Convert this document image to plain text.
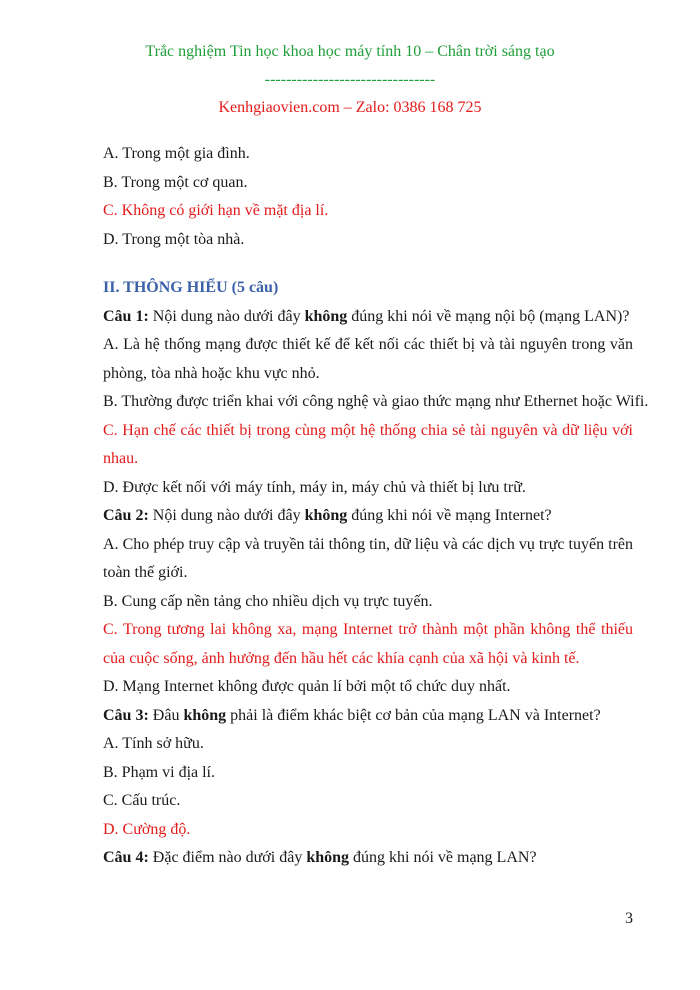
Trắc nghiệm Tin học khoa học máy tính 10 – Chân trời sáng tạo
--------------------------------
Kenhgiaovien.com – Zalo: 0386 168 725
A. Trong một gia đình.
B. Trong một cơ quan.
C. Không có giới hạn về mặt địa lí.
D. Trong một tòa nhà.
II. THÔNG HIỂU (5 câu)
Câu 1: Nội dung nào dưới đây không đúng khi nói về mạng nội bộ (mạng LAN)?
A. Là hệ thống mạng được thiết kế để kết nối các thiết bị và tài nguyên trong văn phòng, tòa nhà hoặc khu vực nhỏ.
B. Thường được triển khai với công nghệ và giao thức mạng như Ethernet hoặc Wifi.
C. Hạn chế các thiết bị trong cùng một hệ thống chia sẻ tài nguyên và dữ liệu với nhau.
D. Được kết nối với máy tính, máy in, máy chủ và thiết bị lưu trữ.
Câu 2: Nội dung nào dưới đây không đúng khi nói về mạng Internet?
A. Cho phép truy cập và truyền tải thông tin, dữ liệu và các dịch vụ trực tuyến trên toàn thế giới.
B. Cung cấp nền tảng cho nhiều dịch vụ trực tuyến.
C. Trong tương lai không xa, mạng Internet trở thành một phần không thể thiếu của cuộc sống, ảnh hưởng đến hầu hết các khía cạnh của xã hội và kinh tế.
D. Mạng Internet không được quản lí bởi một tổ chức duy nhất.
Câu 3: Đâu không phải là điểm khác biệt cơ bản của mạng LAN và Internet?
A. Tính sở hữu.
B. Phạm vi địa lí.
C. Cấu trúc.
D. Cường độ.
Câu 4: Đặc điểm nào dưới đây không đúng khi nói về mạng LAN?
3
